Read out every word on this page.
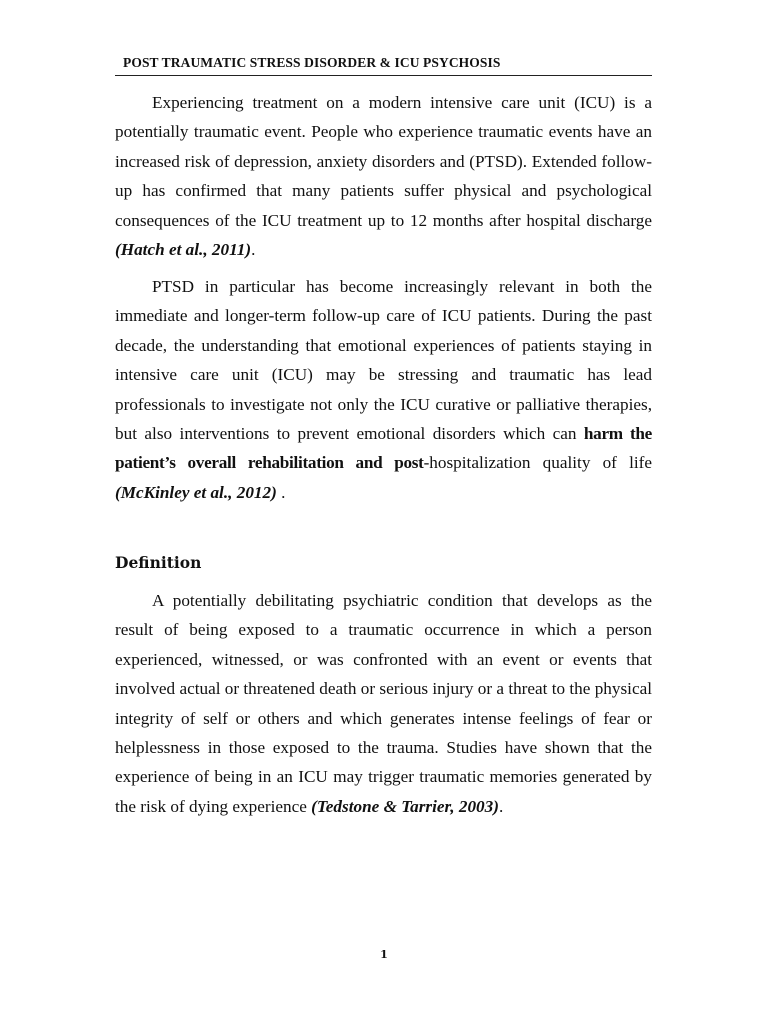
POST TRAUMATIC STRESS DISORDER & ICU PSYCHOSIS

Experiencing treatment on a modern intensive care unit (ICU) is a potentially traumatic event. People who experience traumatic events have an increased risk of depression, anxiety disorders and (PTSD). Extended follow-up has confirmed that many patients suffer physical and psychological consequences of the ICU treatment up to 12 months after hospital discharge (Hatch et al., 2011).

PTSD in particular has become increasingly relevant in both the immediate and longer-term follow-up care of ICU patients. During the past decade, the understanding that emotional experiences of patients staying in intensive care unit (ICU) may be stressing and traumatic has lead professionals to investigate not only the ICU curative or palliative therapies, but also interventions to prevent emotional disorders which can harm the patient’s overall rehabilitation and post-hospitalization quality of life (McKinley et al., 2012) .

Definition

A potentially debilitating psychiatric condition that develops as the result of being exposed to a traumatic occurrence in which a person experienced, witnessed, or was confronted with an event or events that involved actual or threatened death or serious injury or a threat to the physical integrity of self or others and which generates intense feelings of fear or helplessness in those exposed to the trauma. Studies have shown that the experience of being in an ICU may trigger traumatic memories generated by the risk of dying experience (Tedstone & Tarrier, 2003).

1
